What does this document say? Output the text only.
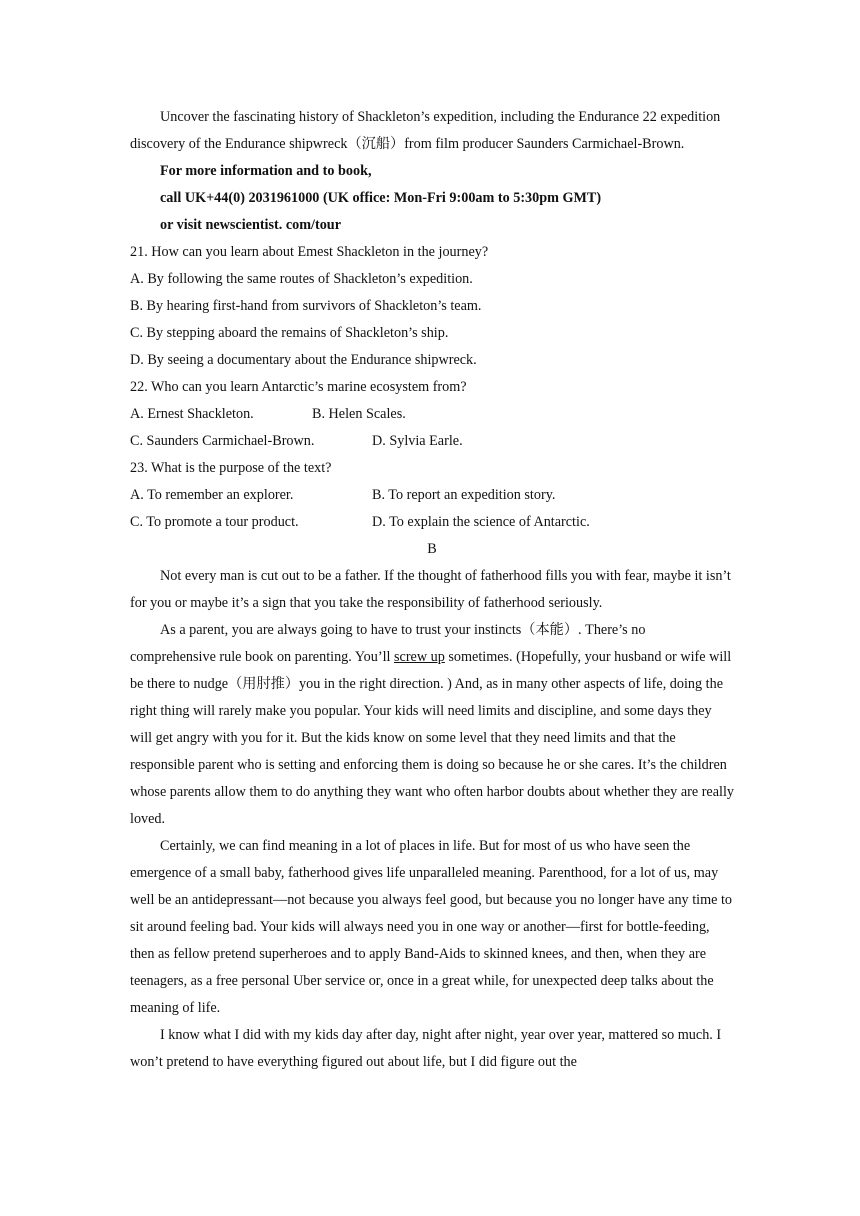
Uncover the fascinating history of Shackleton’s expedition, including the Endurance 22 expedition discovery of the Endurance shipwreck（沉船）from film producer Saunders Carmichael-Brown.

For more information and to book,

call UK+44(0) 2031961000 (UK office: Mon-Fri 9:00am to 5:30pm GMT)

or visit newscientist. com/tour

21. How can you learn about Emest Shackleton in the journey?

A. By following the same routes of Shackleton’s expedition.

B. By hearing first-hand from survivors of Shackleton’s team.

C. By stepping aboard the remains of Shackleton’s ship.

D. By seeing a documentary about the Endurance shipwreck.

22. Who can you learn Antarctic’s marine ecosystem from?

A. Ernest Shackleton.	B. Helen Scales.
C. Saunders Carmichael-Brown.	D. Sylvia Earle.

23. What is the purpose of the text?

A. To remember an explorer.	B. To report an expedition story.
C. To promote a tour product.	D. To explain the science of Antarctic.

B

Not every man is cut out to be a father. If the thought of fatherhood fills you with fear, maybe it isn’t for you or maybe it’s a sign that you take the responsibility of fatherhood seriously.

As a parent, you are always going to have to trust your instincts（本能）. There’s no comprehensive rule book on parenting. You’ll screw up sometimes. (Hopefully, your husband or wife will be there to nudge（用肘推）you in the right direction. ) And, as in many other aspects of life, doing the right thing will rarely make you popular. Your kids will need limits and discipline, and some days they will get angry with you for it. But the kids know on some level that they need limits and that the responsible parent who is setting and enforcing them is doing so because he or she cares. It’s the children whose parents allow them to do anything they want who often harbor doubts about whether they are really loved.

Certainly, we can find meaning in a lot of places in life. But for most of us who have seen the emergence of a small baby, fatherhood gives life unparalleled meaning. Parenthood, for a lot of us, may well be an antidepressant—not because you always feel good, but because you no longer have any time to sit around feeling bad. Your kids will always need you in one way or another—first for bottle-feeding, then as fellow pretend superheroes and to apply Band-Aids to skinned knees, and then, when they are teenagers, as a free personal Uber service or, once in a great while, for unexpected deep talks about the meaning of life.

I know what I did with my kids day after day, night after night, year over year, mattered so much. I won’t pretend to have everything figured out about life, but I did figure out the
